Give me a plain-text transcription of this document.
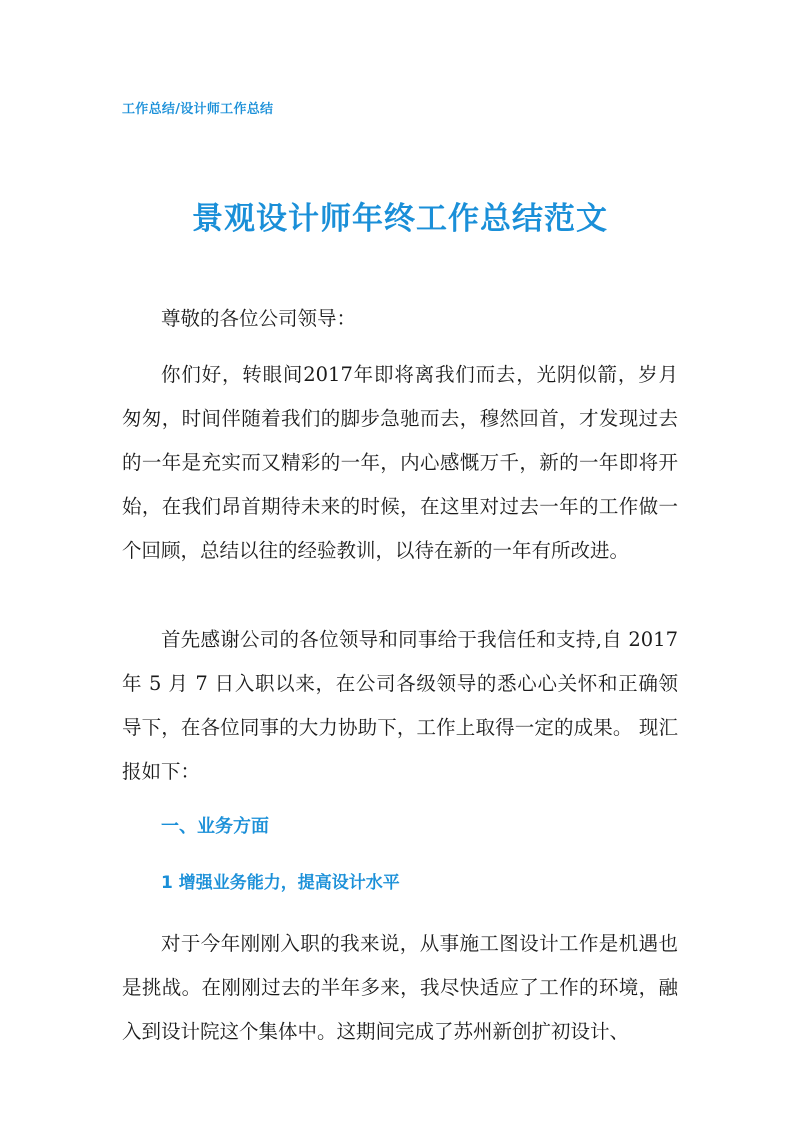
工作总结/设计师工作总结
景观设计师年终工作总结范文
尊敬的各位公司领导：
你们好，转眼间2017年即将离我们而去，光阴似箭，岁月匆匆，时间伴随着我们的脚步急驰而去，穆然回首，才发现过去的一年是充实而又精彩的一年，内心感慨万千，新的一年即将开始，在我们昂首期待未来的时候，在这里对过去一年的工作做一个回顾，总结以往的经验教训，以待在新的一年有所改进。
首先感谢公司的各位领导和同事给于我信任和支持,自 2017年 5 月 7 日入职以来，在公司各级领导的悉心心关怀和正确领导下，在各位同事的大力协助下，工作上取得一定的成果。 现汇报如下：
一、业务方面
1 增强业务能力，提高设计水平
对于今年刚刚入职的我来说，从事施工图设计工作是机遇也是挑战。在刚刚过去的半年多来，我尽快适应了工作的环境，融入到设计院这个集体中。这期间完成了苏州新创扩初设计、
